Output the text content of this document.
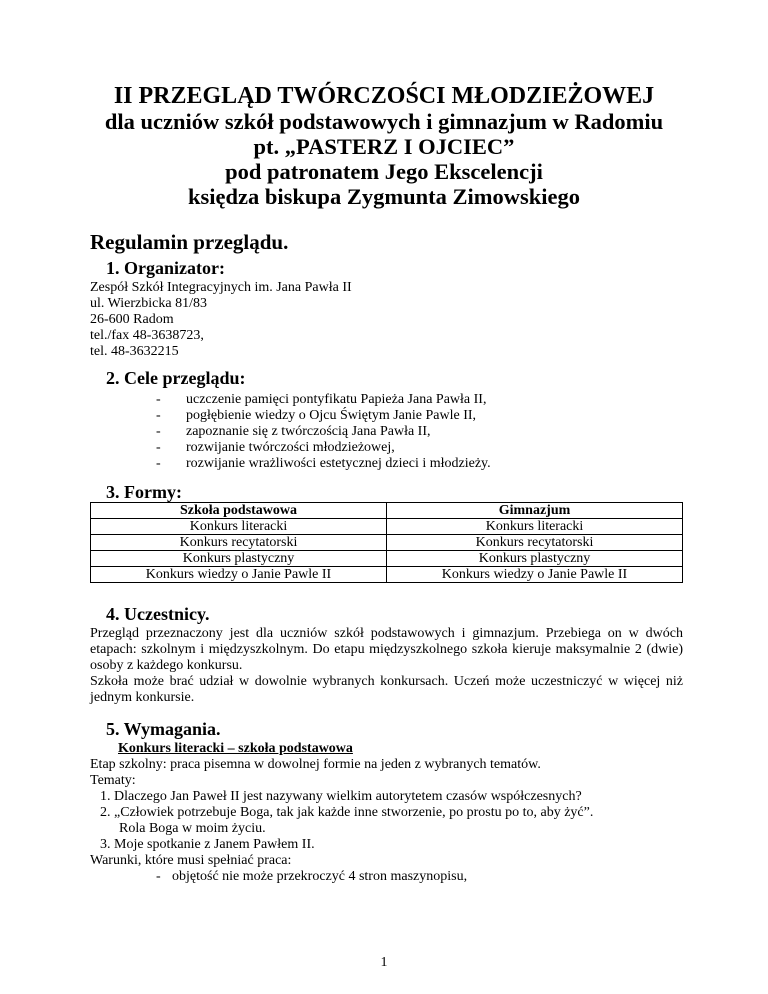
II PRZEGLĄD TWÓRCZOŚCI MŁODZIEŻOWEJ
dla uczniów szkół podstawowych i gimnazjum w Radomiu
pt. „PASTERZ I OJCIEC”
pod patronatem Jego Ekscelencji
księdza biskupa Zygmunta Zimowskiego
Regulamin przeglądu.
1. Organizator:
Zespół Szkół Integracyjnych im. Jana Pawła II
ul. Wierzbicka 81/83
26-600 Radom
tel./fax 48-3638723,
tel. 48-3632215
2. Cele przeglądu:
- uczczenie pamięci pontyfikatu Papieża Jana Pawła II,
- pogłębienie wiedzy o Ojcu Świętym Janie Pawle II,
- zapoznanie się z twórczością Jana Pawła II,
- rozwijanie twórczości młodzieżowej,
- rozwijanie wrażliwości estetycznej dzieci i młodzieży.
3. Formy:
Szkoła podstawowa	Gimnazjum
Konkurs literacki	Konkurs literacki
Konkurs recytatorski	Konkurs recytatorski
Konkurs plastyczny	Konkurs plastyczny
Konkurs wiedzy o Janie Pawle II	Konkurs wiedzy o Janie Pawle II
4. Uczestnicy.

Przegląd przeznaczony jest dla uczniów szkół podstawowych i gimnazjum. Przebiega on w dwóch etapach: szkolnym i międzyszkolnym. Do etapu międzyszkolnego szkoła kieruje maksymalnie 2 (dwie) osoby z każdego konkursu.

Szkoła może brać udział w dowolnie wybranych konkursach. Uczeń może uczestniczyć w więcej niż jednym konkursie.

5. Wymagania.
Konkurs literacki – szkoła podstawowa
Etap szkolny: praca pisemna w dowolnej formie na jeden z wybranych tematów.
Tematy:
1. Dlaczego Jan Paweł II jest nazywany wielkim autorytetem czasów współczesnych?
2. „Człowiek potrzebuje Boga, tak jak każde inne stworzenie, po prostu po to, aby żyć”.
Rola Boga w moim życiu.
3. Moje spotkanie z Janem Pawłem II.
Warunki, które musi spełniać praca:
- objętość nie może przekroczyć 4 stron maszynopisu,
1
